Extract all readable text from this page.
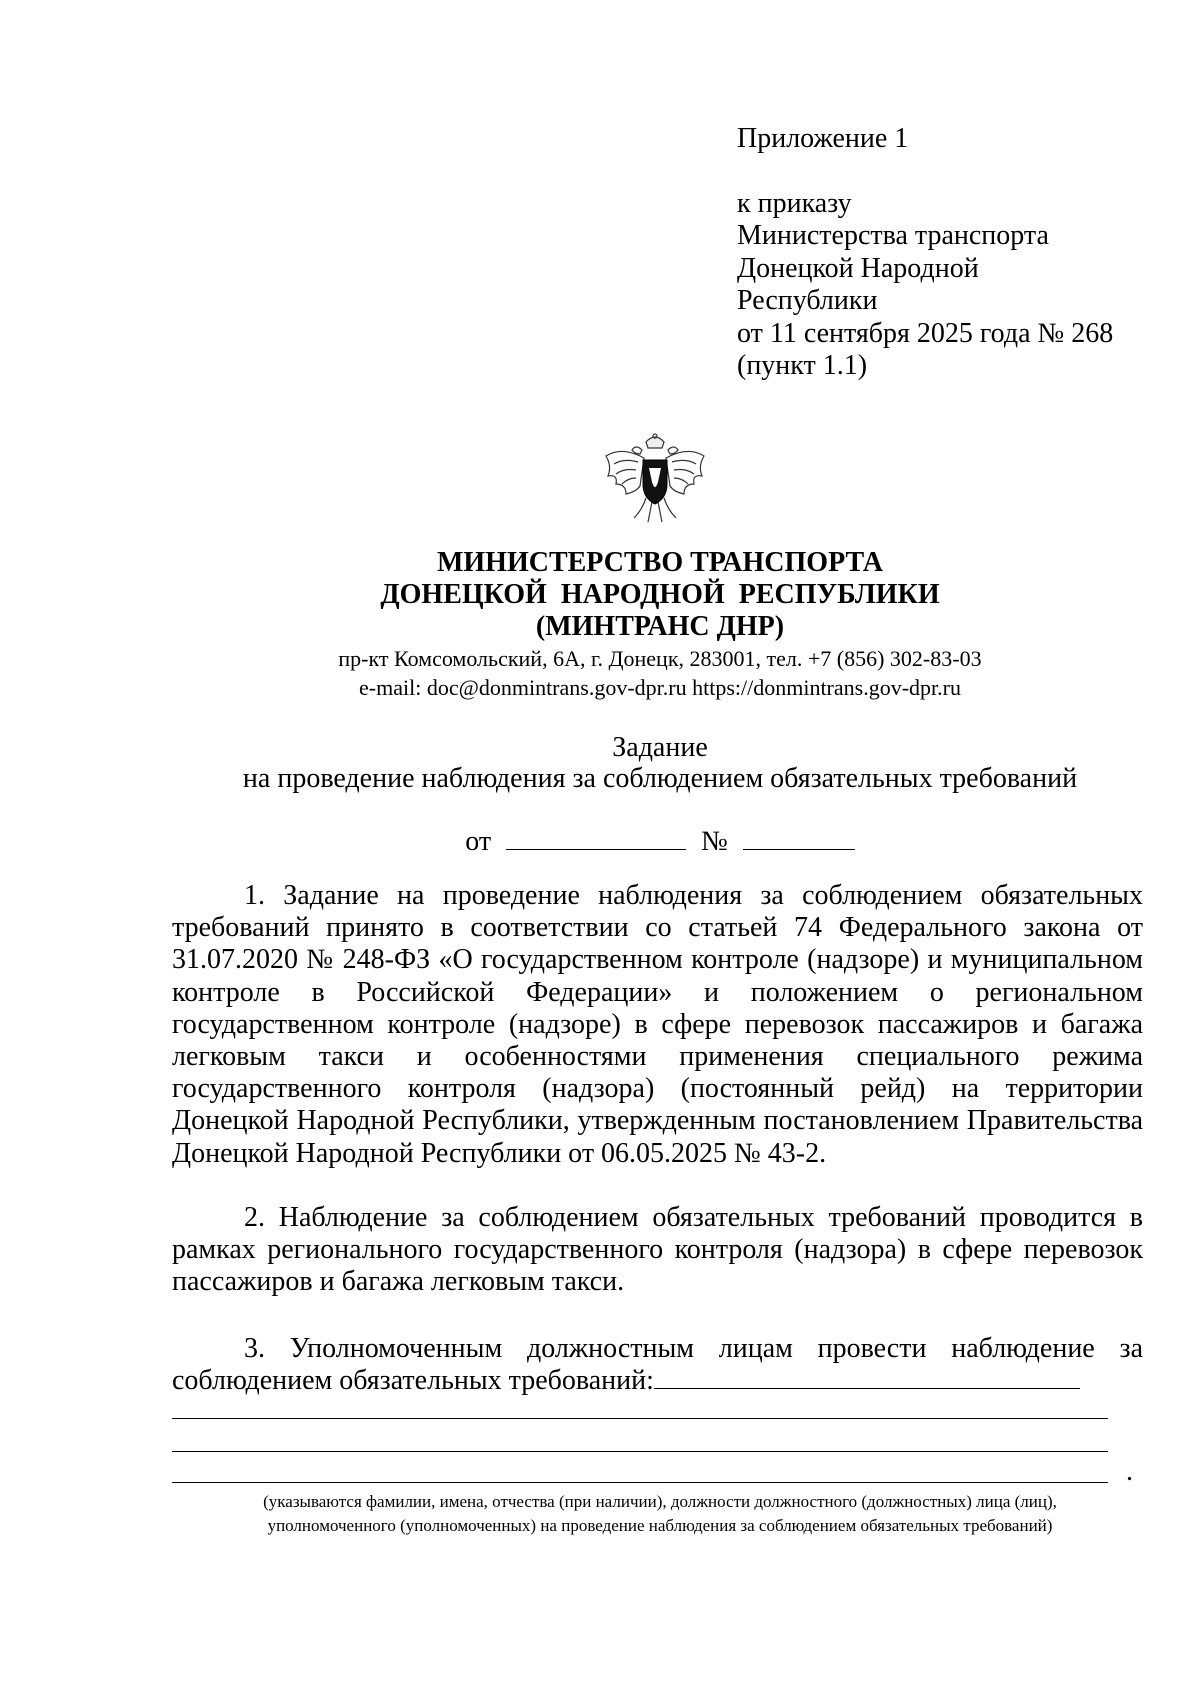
Приложение 1
к приказу
Министерства транспорта
Донецкой Народной
Республики
от 11 сентября 2025 года № 268
(пункт 1.1)
МИНИСТЕРСТВО ТРАНСПОРТА
ДОНЕЦКОЙ  НАРОДНОЙ  РЕСПУБЛИКИ
(МИНТРАНС ДНР)
пр-кт Комсомольский, 6А, г. Донецк, 283001, тел. +7 (856) 302-83-03
e-mail: doc@donmintrans.gov-dpr.ru https://donmintrans.gov-dpr.ru
Задание
на проведение наблюдения за соблюдением обязательных требований
от	№
1. Задание на проведение наблюдения за соблюдением обязательных требований принято в соответствии со статьей 74 Федерального закона от 31.07.2020 № 248-ФЗ «О государственном контроле (надзоре) и муниципальном контроле в Российской Федерации» и положением о региональном государственном контроле (надзоре) в сфере перевозок пассажиров и багажа легковым такси и особенностями применения специального режима государственного контроля (надзора) (постоянный рейд) на территории Донецкой Народной Республики, утвержденным постановлением Правительства Донецкой Народной Республики от 06.05.2025 № 43-2.
2. Наблюдение за соблюдением обязательных требований проводится в рамках регионального государственного контроля (надзора) в сфере перевозок пассажиров и багажа легковым такси.
3. Уполномоченным должностным лицам провести наблюдение за соблюдением обязательных требований:
.
(указываются фамилии, имена, отчества (при наличии), должности должностного (должностных) лица (лиц),
уполномоченного (уполномоченных) на проведение наблюдения за соблюдением обязательных требований)
